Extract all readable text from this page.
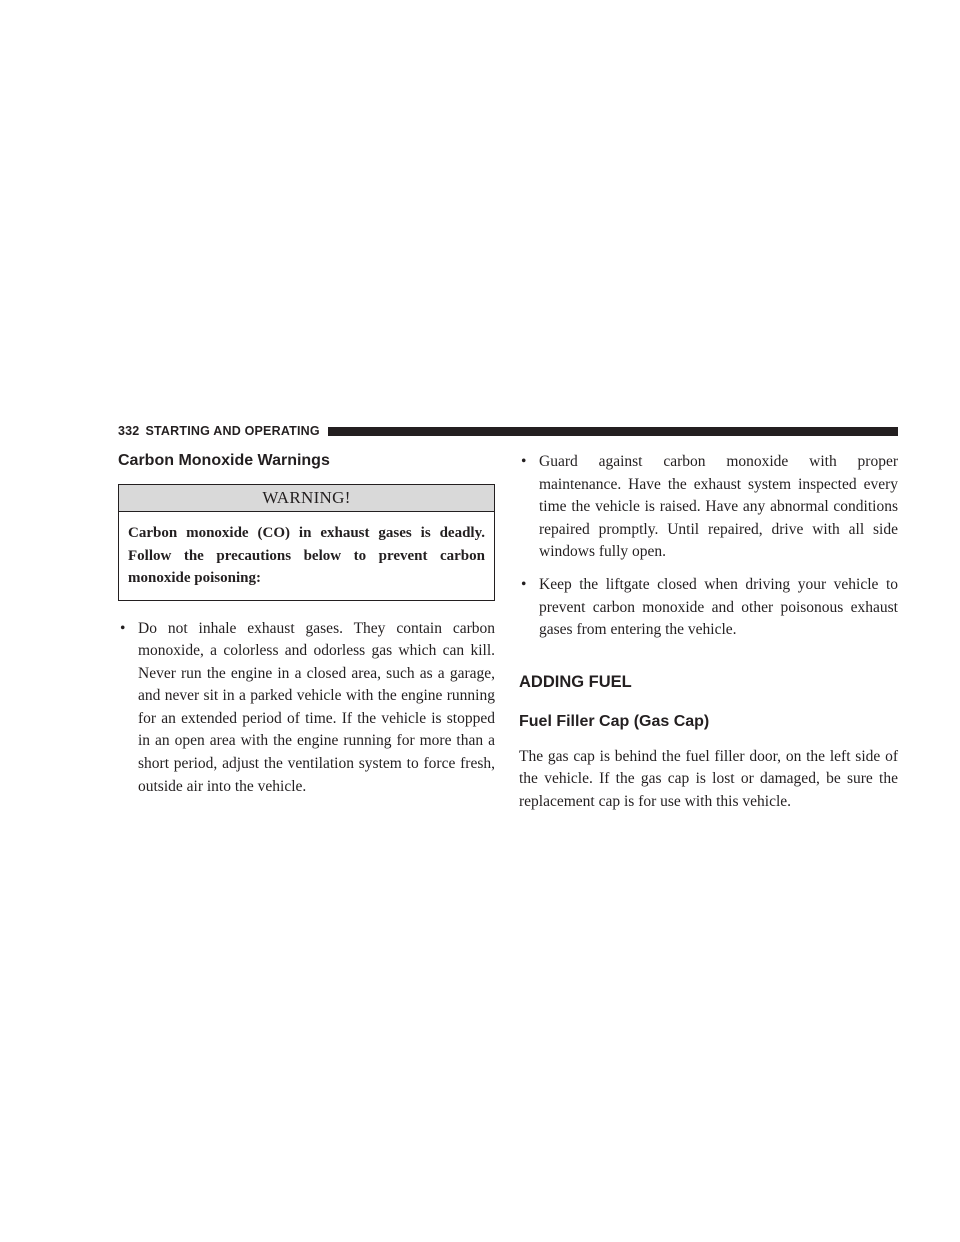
332 STARTING AND OPERATING
Carbon Monoxide Warnings
WARNING!
Carbon monoxide (CO) in exhaust gases is deadly. Follow the precautions below to prevent carbon monoxide poisoning:
• Do not inhale exhaust gases. They contain carbon monoxide, a colorless and odorless gas which can kill. Never run the engine in a closed area, such as a garage, and never sit in a parked vehicle with the engine running for an extended period of time. If the vehicle is stopped in an open area with the engine running for more than a short period, adjust the ventilation system to force fresh, outside air into the vehicle.
• Guard against carbon monoxide with proper maintenance. Have the exhaust system inspected every time the vehicle is raised. Have any abnormal conditions repaired promptly. Until repaired, drive with all side windows fully open.
• Keep the liftgate closed when driving your vehicle to prevent carbon monoxide and other poisonous exhaust gases from entering the vehicle.
ADDING FUEL
Fuel Filler Cap (Gas Cap)

The gas cap is behind the fuel filler door, on the left side of the vehicle. If the gas cap is lost or damaged, be sure the replacement cap is for use with this vehicle.
